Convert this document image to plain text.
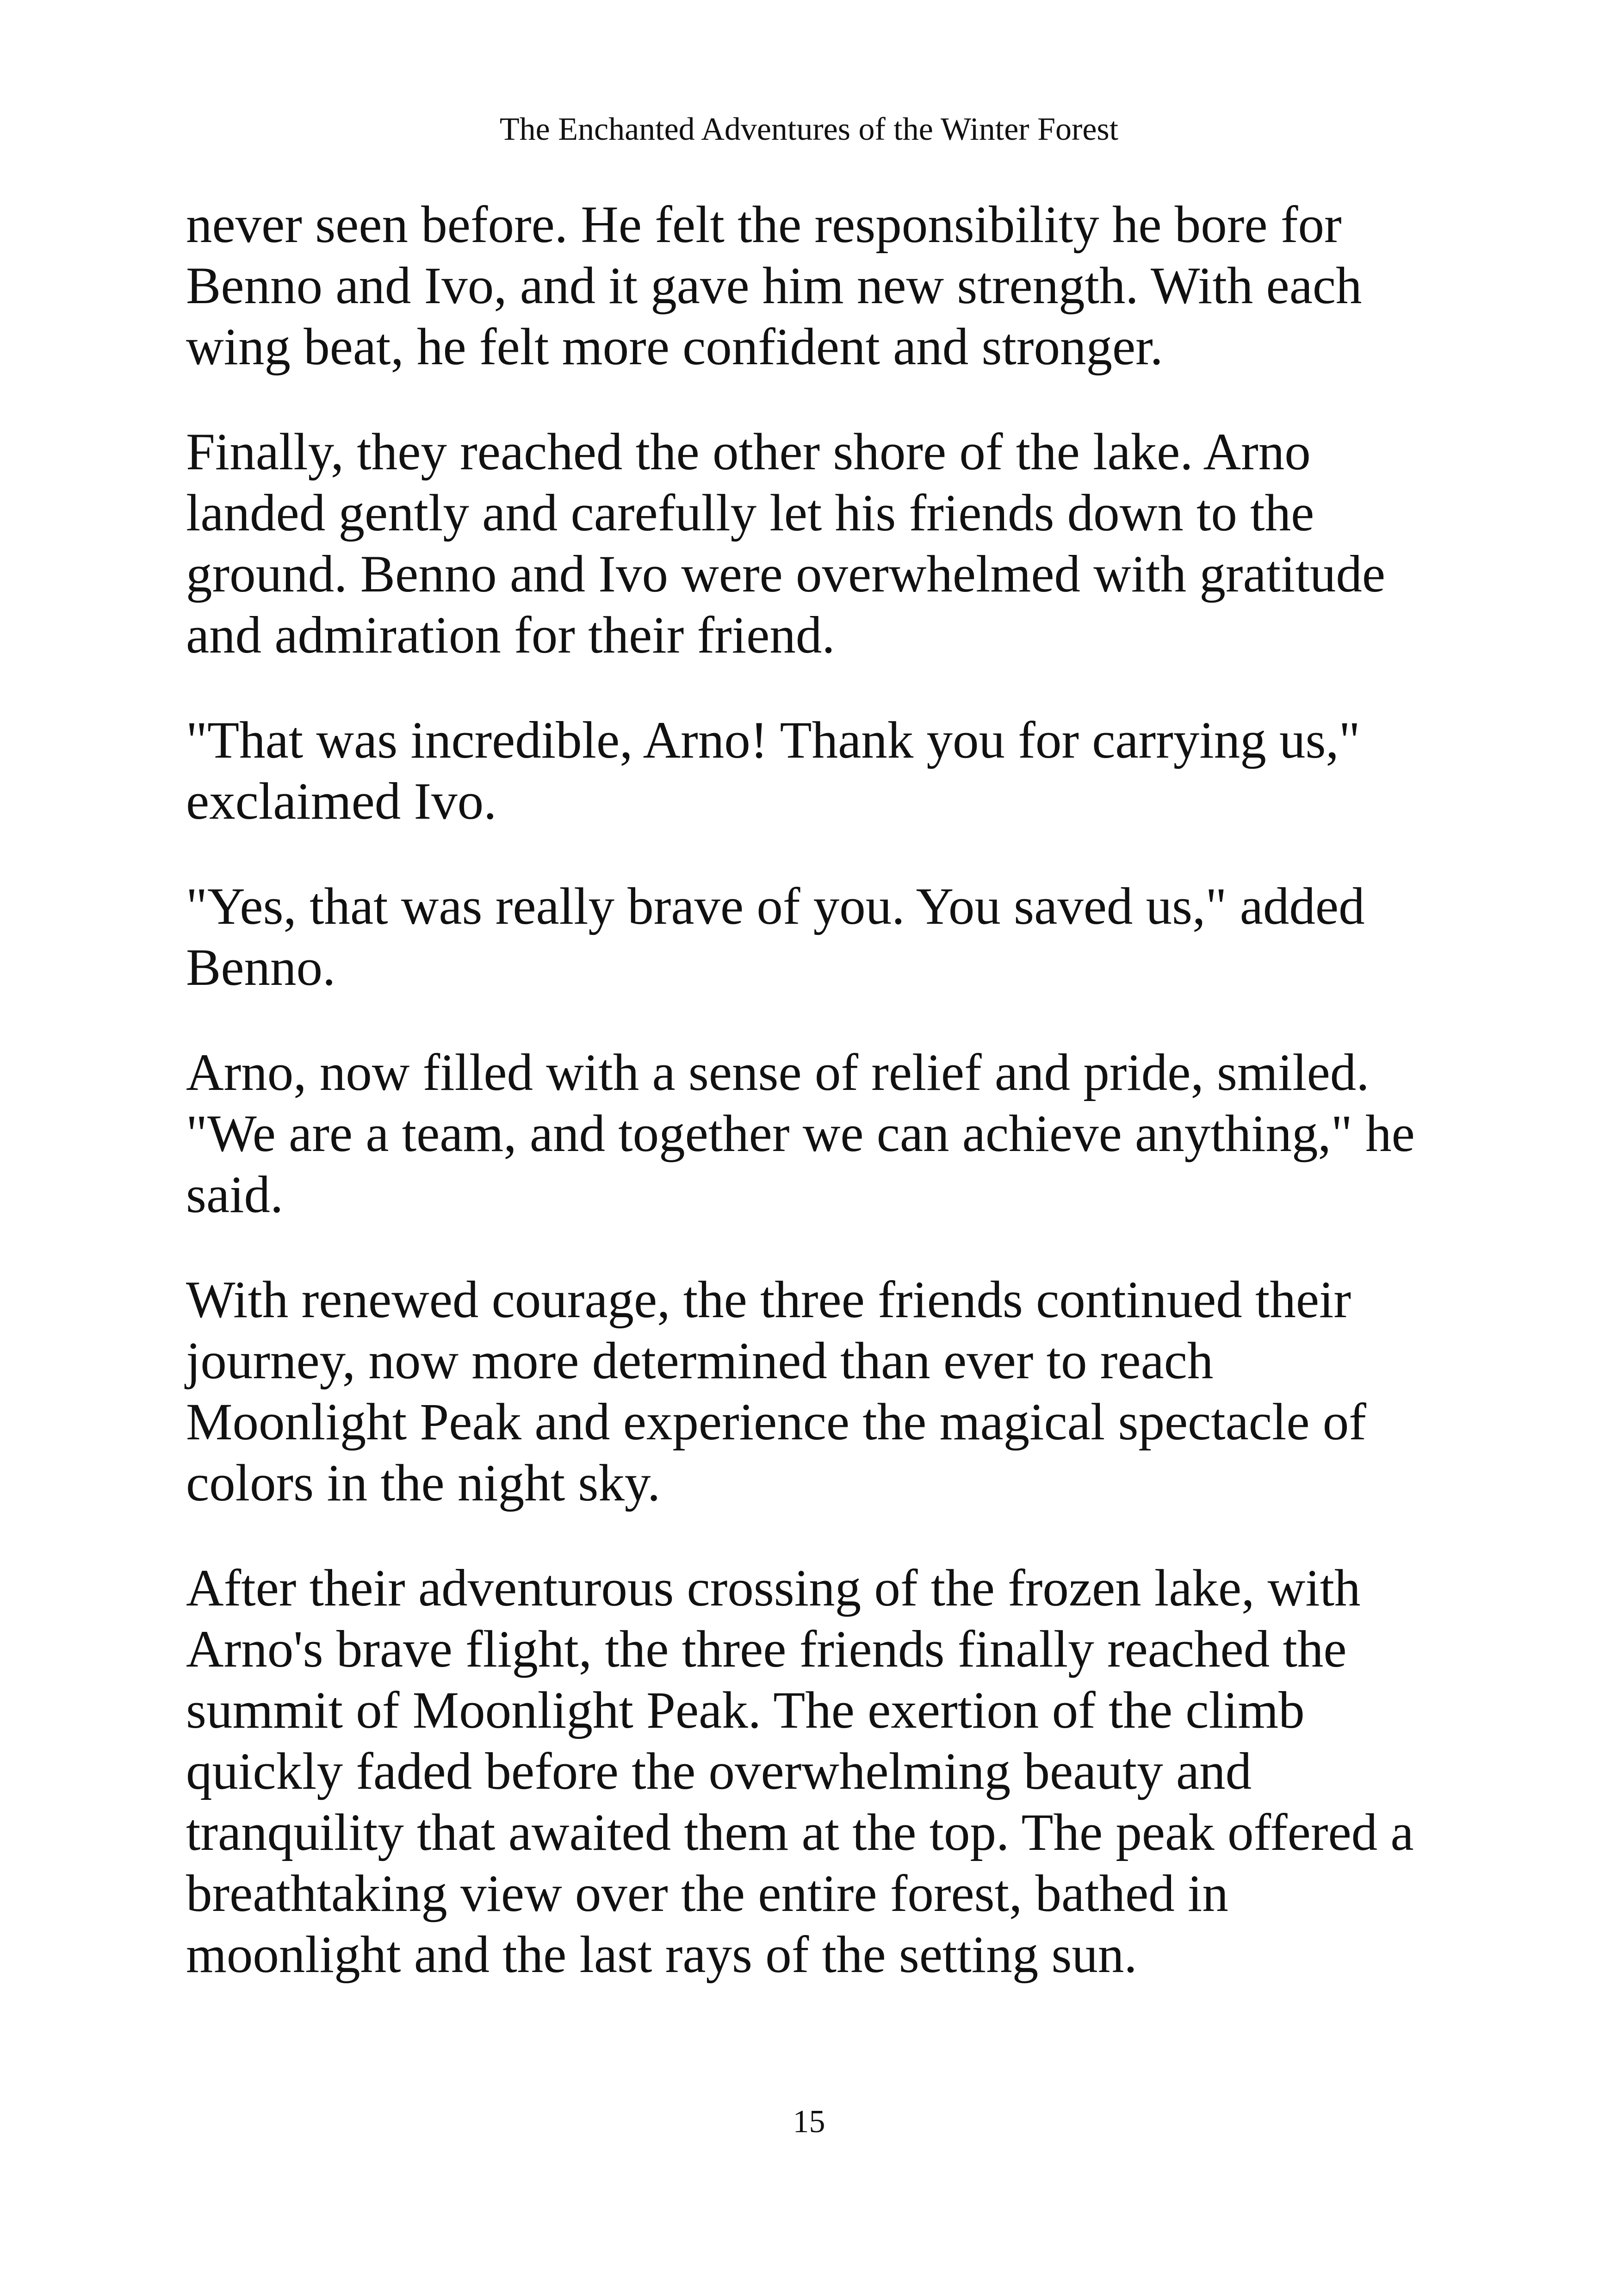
The Enchanted Adventures of the Winter Forest

never seen before. He felt the responsibility he bore for
Benno and Ivo, and it gave him new strength. With each
wing beat, he felt more confident and stronger.

Finally, they reached the other shore of the lake. Arno
landed gently and carefully let his friends down to the
ground. Benno and Ivo were overwhelmed with gratitude
and admiration for their friend.

"That was incredible, Arno! Thank you for carrying us,"
exclaimed Ivo.

"Yes, that was really brave of you. You saved us," added
Benno.

Arno, now filled with a sense of relief and pride, smiled.
"We are a team, and together we can achieve anything," he
said.

With renewed courage, the three friends continued their
journey, now more determined than ever to reach
Moonlight Peak and experience the magical spectacle of
colors in the night sky.

After their adventurous crossing of the frozen lake, with
Arno's brave flight, the three friends finally reached the
summit of Moonlight Peak. The exertion of the climb
quickly faded before the overwhelming beauty and
tranquility that awaited them at the top. The peak offered a
breathtaking view over the entire forest, bathed in
moonlight and the last rays of the setting sun.

15
